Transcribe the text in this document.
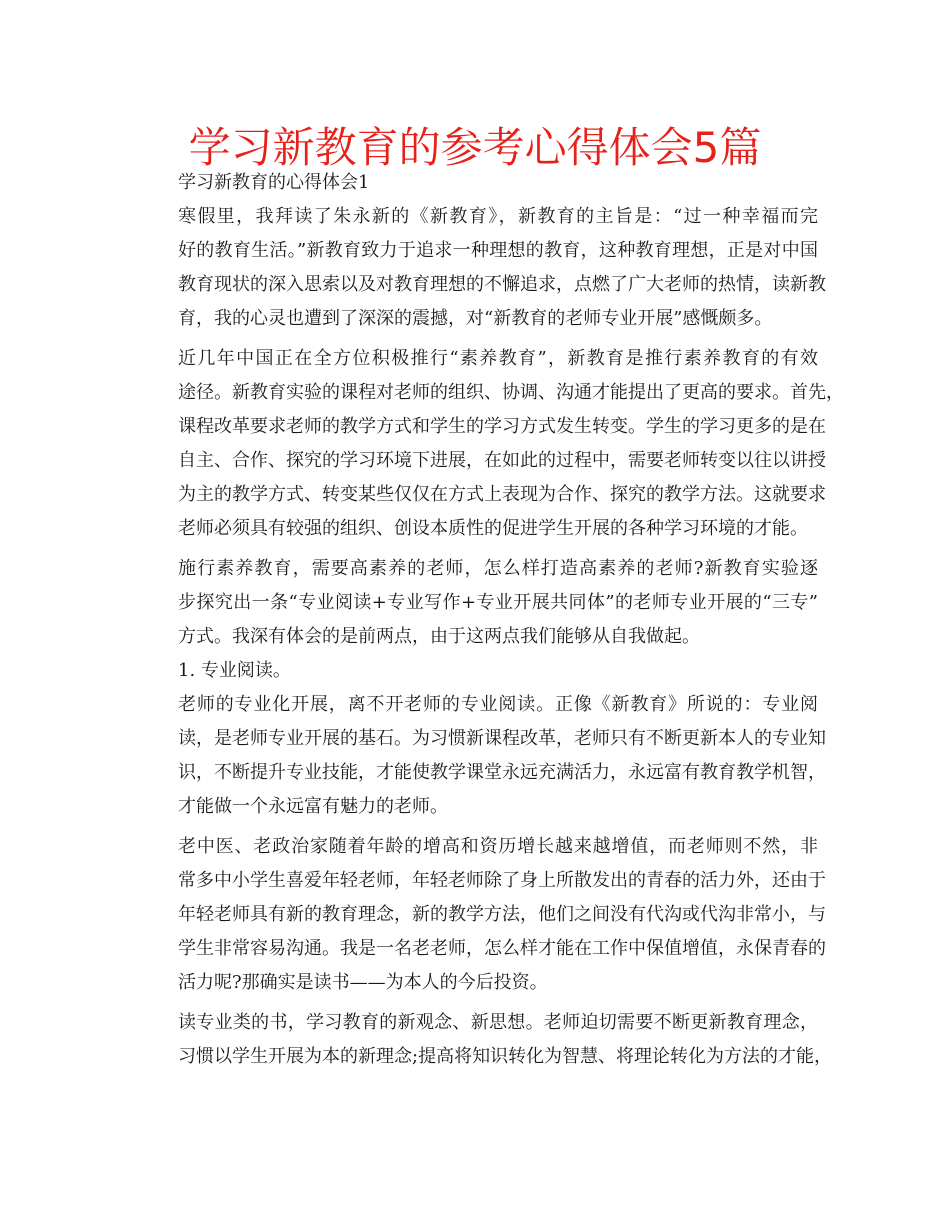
学习新教育的参考心得体会5篇

学习新教育的心得体会1

寒假里，我拜读了朱永新的《新教育》，新教育的主旨是：“过一种幸福而完
好的教育生活。”新教育致力于追求一种理想的教育，这种教育理想，正是对中国
教育现状的深入思索以及对教育理想的不懈追求，点燃了广大老师的热情，读新教
育，我的心灵也遭到了深深的震撼，对“新教育的老师专业开展”感慨颇多。

近几年中国正在全方位积极推行“素养教育”，新教育是推行素养教育的有效
途径。新教育实验的课程对老师的组织、协调、沟通才能提出了更高的要求。首先，
课程改革要求老师的教学方式和学生的学习方式发生转变。学生的学习更多的是在
自主、合作、探究的学习环境下进展，在如此的过程中，需要老师转变以往以讲授
为主的教学方式、转变某些仅仅在方式上表现为合作、探究的教学方法。这就要求
老师必须具有较强的组织、创设本质性的促进学生开展的各种学习环境的才能。

施行素养教育，需要高素养的老师，怎么样打造高素养的老师?新教育实验逐
步探究出一条“专业阅读+专业写作+专业开展共同体”的老师专业开展的“三专”
方式。我深有体会的是前两点，由于这两点我们能够从自我做起。

1. 专业阅读。

老师的专业化开展，离不开老师的专业阅读。正像《新教育》所说的：专业阅
读，是老师专业开展的基石。为习惯新课程改革，老师只有不断更新本人的专业知
识，不断提升专业技能，才能使教学课堂永远充满活力，永远富有教育教学机智，
才能做一个永远富有魅力的老师。

老中医、老政治家随着年龄的增高和资历增长越来越增值，而老师则不然，非
常多中小学生喜爱年轻老师，年轻老师除了身上所散发出的青春的活力外，还由于
年轻老师具有新的教育理念，新的教学方法，他们之间没有代沟或代沟非常小，与
学生非常容易沟通。我是一名老老师，怎么样才能在工作中保值增值，永保青春的
活力呢?那确实是读书——为本人的今后投资。

读专业类的书，学习教育的新观念、新思想。老师迫切需要不断更新教育理念，
习惯以学生开展为本的新理念;提高将知识转化为智慧、将理论转化为方法的才能，
